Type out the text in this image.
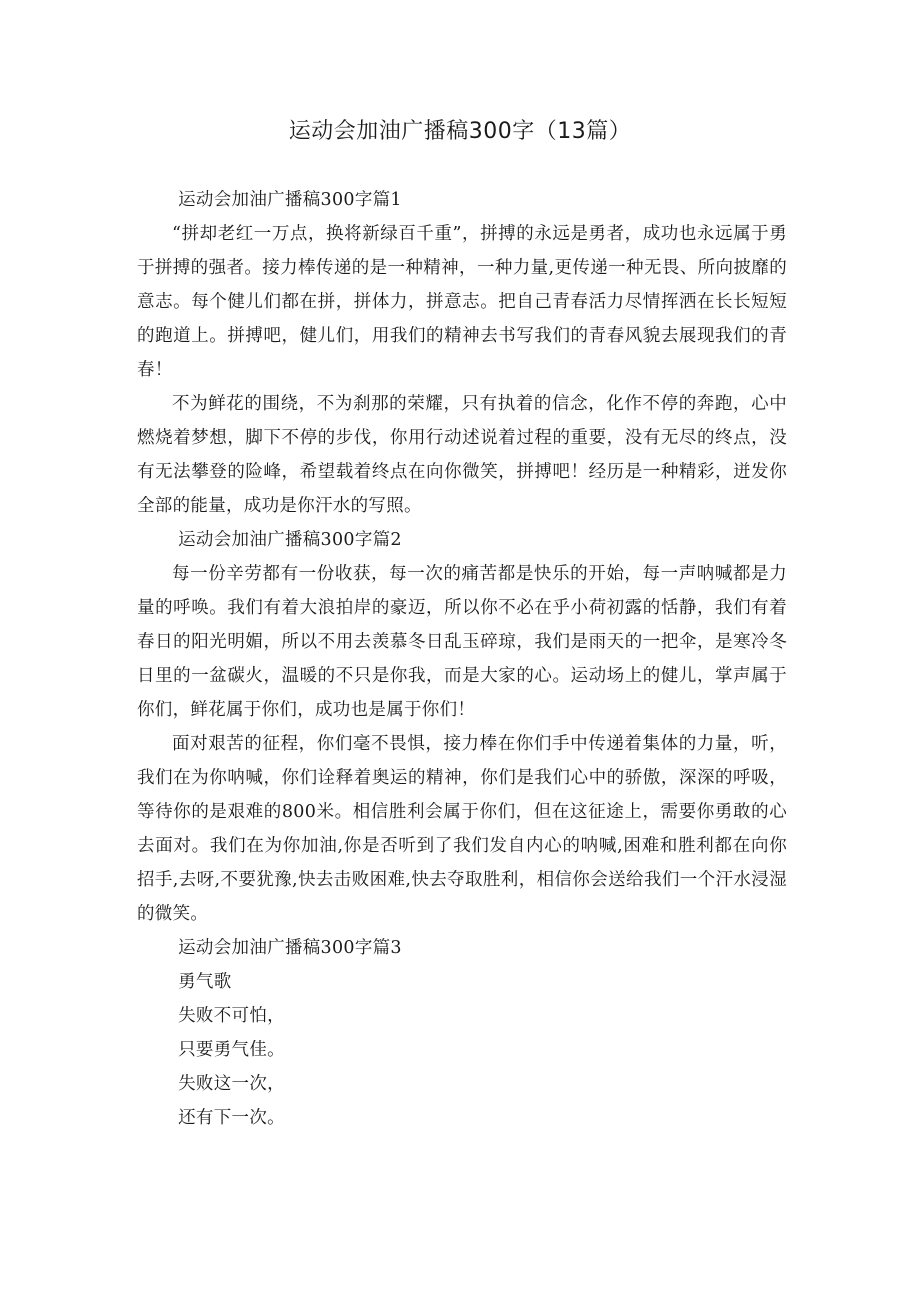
运动会加油广播稿300字（13篇）

运动会加油广播稿300字篇1

“拼却老红一万点，换将新绿百千重”，拼搏的永远是勇者，成功也永远属于勇于拼搏的强者。接力棒传递的是一种精神，一种力量,更传递一种无畏、所向披靡的意志。每个健儿们都在拼，拼体力，拼意志。把自己青春活力尽情挥洒在长长短短的跑道上。拼搏吧，健儿们，用我们的精神去书写我们的青春风貌去展现我们的青春！

不为鲜花的围绕，不为刹那的荣耀，只有执着的信念，化作不停的奔跑，心中燃烧着梦想，脚下不停的步伐，你用行动述说着过程的重要，没有无尽的终点，没有无法攀登的险峰，希望载着终点在向你微笑，拼搏吧！经历是一种精彩，迸发你全部的能量，成功是你汗水的写照。

运动会加油广播稿300字篇2

每一份辛劳都有一份收获，每一次的痛苦都是快乐的开始，每一声呐喊都是力量的呼唤。我们有着大浪拍岸的豪迈，所以你不必在乎小荷初露的恬静，我们有着春日的阳光明媚，所以不用去羡慕冬日乱玉碎琼，我们是雨天的一把伞，是寒冷冬日里的一盆碳火，温暖的不只是你我，而是大家的心。运动场上的健儿，掌声属于你们，鲜花属于你们，成功也是属于你们！

面对艰苦的征程，你们毫不畏惧，接力棒在你们手中传递着集体的力量，听，我们在为你呐喊，你们诠释着奥运的精神，你们是我们心中的骄傲，深深的呼吸，等待你的是艰难的800米。相信胜利会属于你们，但在这征途上，需要你勇敢的心去面对。我们在为你加油,你是否听到了我们发自内心的呐喊,困难和胜利都在向你招手,去呀,不要犹豫,快去击败困难,快去夺取胜利，相信你会送给我们一个汗水浸湿的微笑。

运动会加油广播稿300字篇3

勇气歌

失败不可怕，

只要勇气佳。

失败这一次，

还有下一次。
